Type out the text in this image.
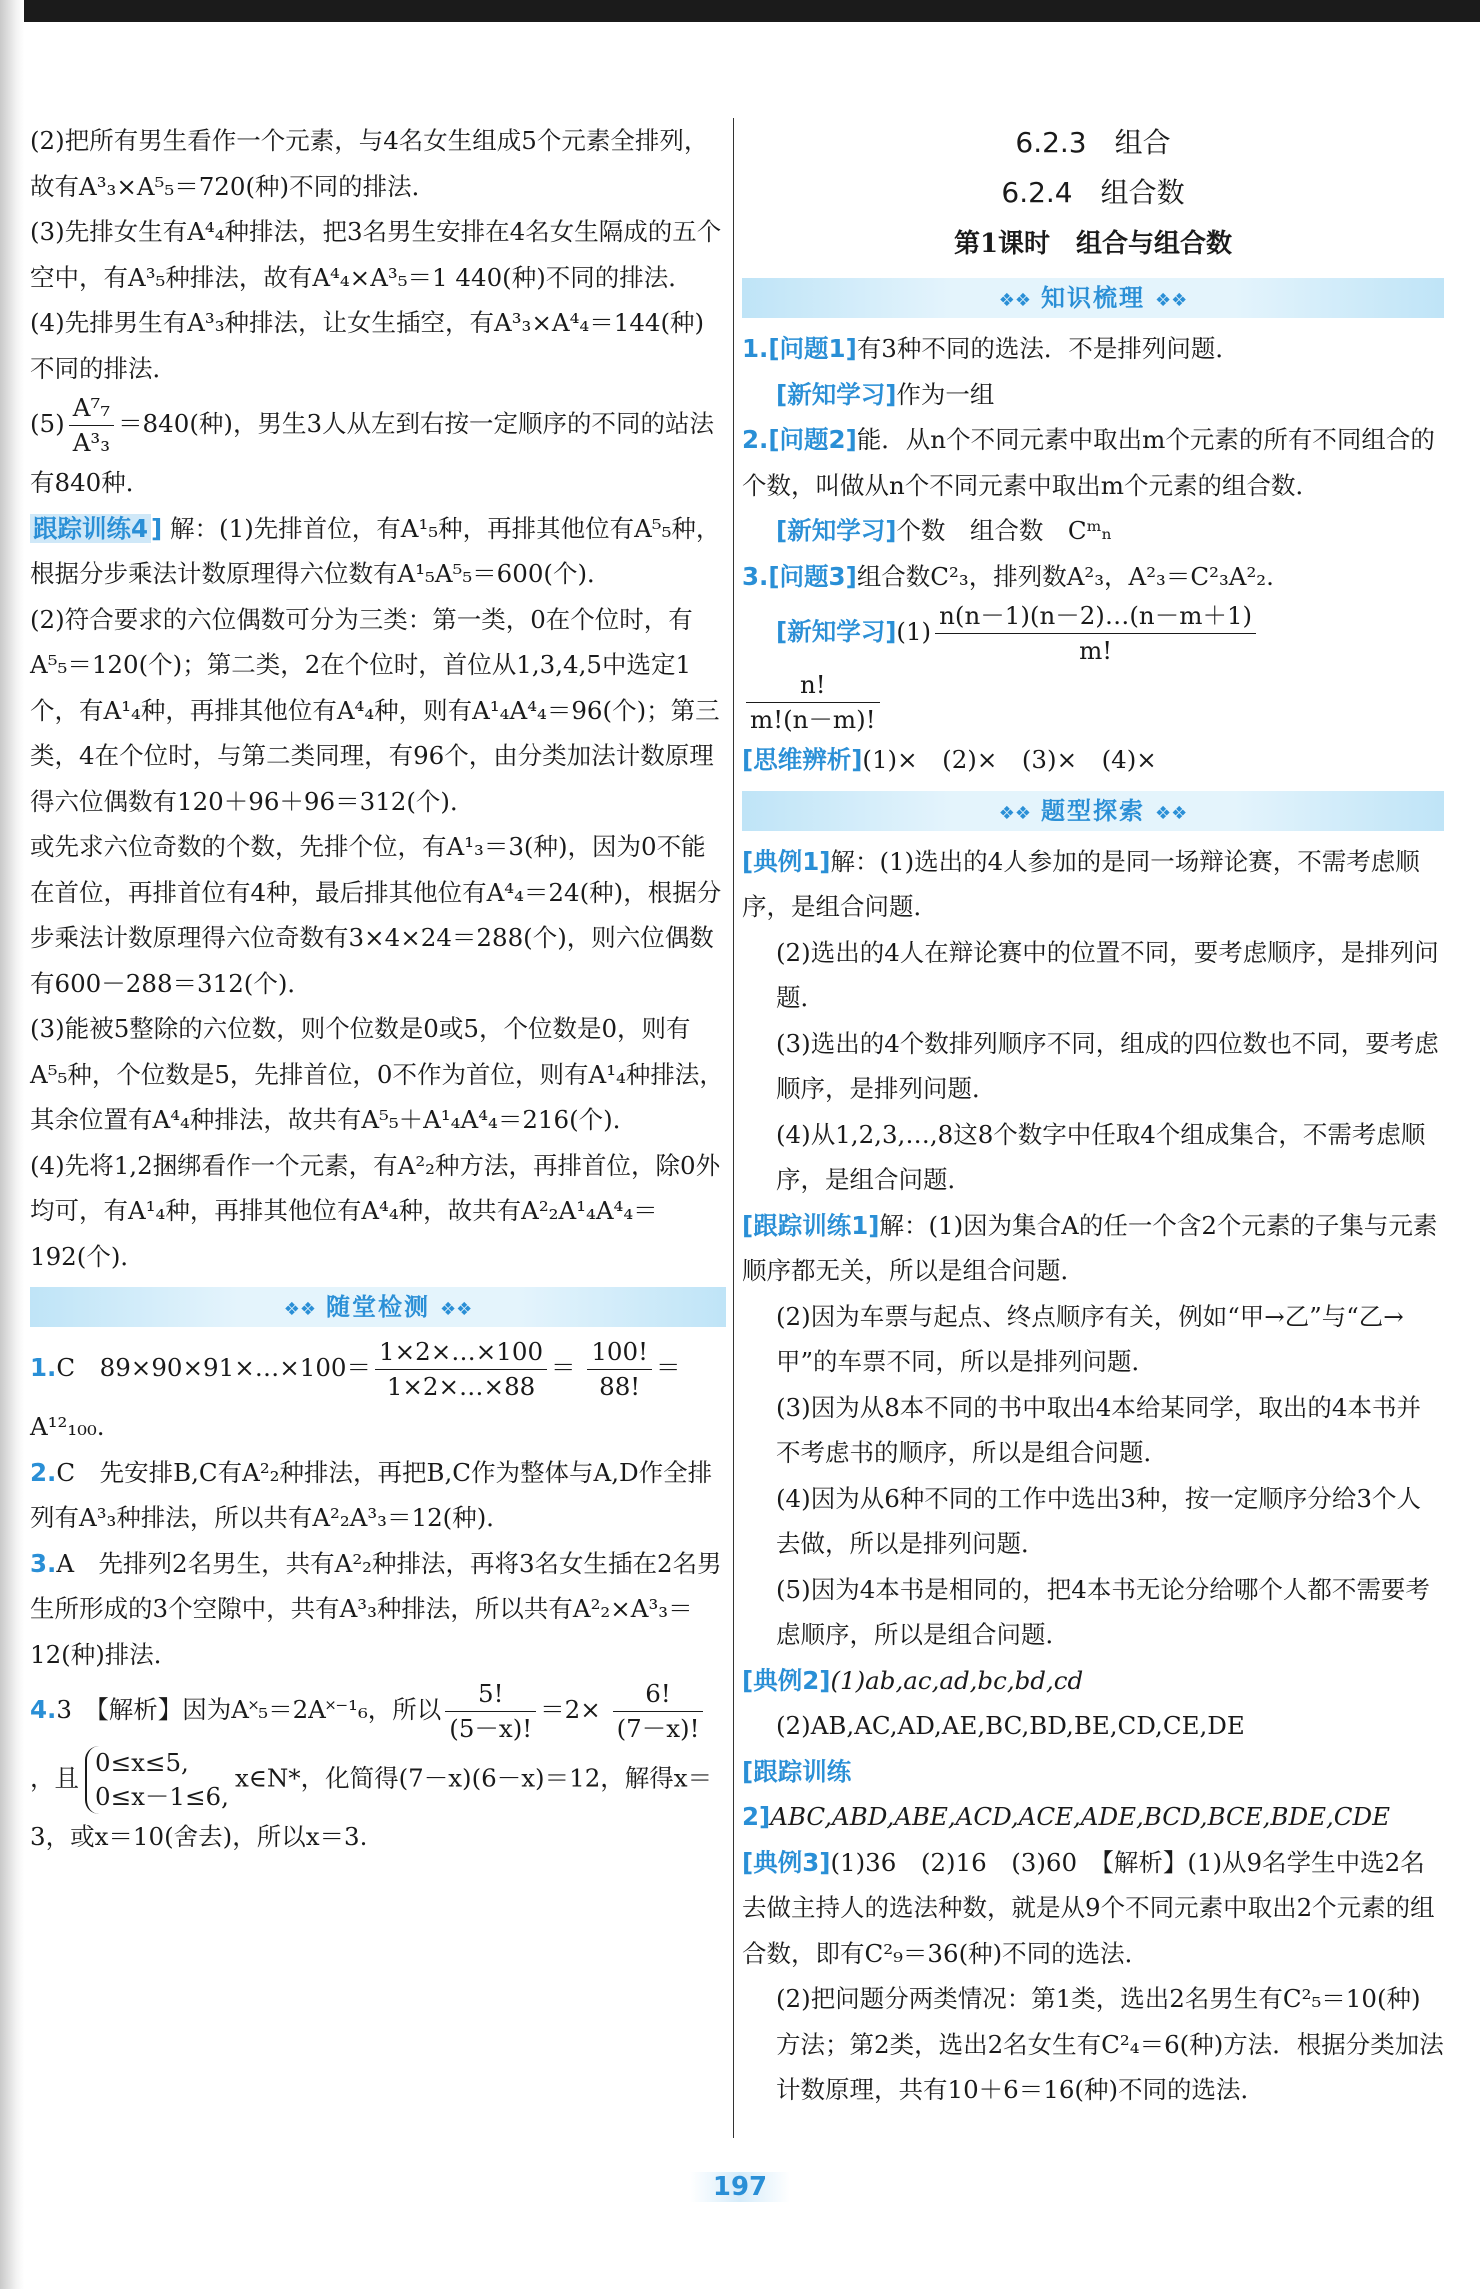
(2)把所有男生看作一个元素，与4名女生组成5个元素全排列，故有A³₃×A⁵₅＝720(种)不同的排法．

(3)先排女生有A⁴₄种排法，把3名男生安排在4名女生隔成的五个空中，有A³₅种排法，故有A⁴₄×A³₅＝1 440(种)不同的排法．

(4)先排男生有A³₃种排法，让女生插空，有A³₃×A⁴₄＝144(种)不同的排法．

$(5) \frac{\text{A⁷₇}}{\text{A³₃}} =840$(种)，男生3人从左到右按一定顺序的不同的站法有840种．

跟踪训练4 ] 解：(1)先排首位，有A¹₅种，再排其他位有A⁵₅种，根据分步乘法计数原理得六位数有A¹₅A⁵₅＝600(个)．

(2)符合要求的六位偶数可分为三类：第一类，0在个位时，有A⁵₅＝120(个)；第二类，2在个位时，首位从1,3,4,5中选定1个，有A¹₄种，再排其他位有A⁴₄种，则有A¹₄A⁴₄＝96(个)；第三类，4在个位时，与第二类同理，有96个，由分类加法计数原理得六位偶数有120＋96＋96＝312(个)．

或先求六位奇数的个数，先排个位，有A¹₃＝3(种)，因为0不能在首位，再排首位有4种，最后排其他位有A⁴₄＝24(种)，根据分步乘法计数原理得六位奇数有3×4×24＝288(个)，则六位偶数有600－288＝312(个)．

(3)能被5整除的六位数，则个位数是0或5，个位数是0，则有A⁵₅种，个位数是5，先排首位，0不作为首位，则有A¹₄种排法，其余位置有A⁴₄种排法，故共有A⁵₅＋A¹₄A⁴₄＝216(个)．

(4)先将1,2捆绑看作一个元素，有A²₂种方法，再排首位，除0外均可，有A¹₄种，再排其他位有A⁴₄种，故共有A²₂A¹₄A⁴₄＝192(个)．

❖❖ 随堂检测 ❖❖

1.C　 89×90×91×…×100＝ $\frac{1\times 2\times\dots\times 100}{1\times 2\times\dots\times 88} = \frac{100!}{88!} =A^{12}_{100}$.

2.C　先安排B,C有A²₂种排法，再把B,C作为整体与A,D作全排列有A³₃种排法，所以共有A²₂A³₃＝12(种)．

3.A　先排列2名男生，共有A²₂种排法，再将3名女生插在2名男生所形成的3个空隙中，共有A³₃种排法，所以共有A²₂×A³₃＝12(种)排法．

4.3　【解析】因为A˟₅＝2A˟⁻¹₆，所以 $\frac{5!}{(5-x)!} =2\times \frac{6!}{(7-x)!}$
，且
0≤x≤5,
0≤x－1≤6,
x∈N*，化简得(7－x)(6－x)＝12，解得x＝3，或x＝10(舍去)，所以x＝3.

6.2.3　组合

6.2.4　组合数

第1课时　组合与组合数

❖❖ 知识梳理 ❖❖

1.[问题1]有3种不同的选法．不是排列问题．

[新知学习]作为一组

2.[问题2]能．从n个不同元素中取出m个元素的所有不同组合的个数，叫做从n个不同元素中取出m个元素的组合数．

[新知学习]个数　组合数　Cᵐₙ

3.[问题3]组合数C²₃，排列数A²₃，A²₃＝C²₃A²₂.

[新知学习]$(1) \frac{n(n-1)(n-2)\dots(n-m+1)}{m!}$

$\frac{n!}{m!(n-m)!}$

[思维辨析](1)×　(2)×　(3)×　(4)×

❖❖ 题型探索 ❖❖

[典例1]解：(1)选出的4人参加的是同一场辩论赛，不需考虑顺序，是组合问题．

(2)选出的4人在辩论赛中的位置不同，要考虑顺序，是排列问题．

(3)选出的4个数排列顺序不同，组成的四位数也不同，要考虑顺序，是排列问题．

(4)从1,2,3,…,8这8个数字中任取4个组成集合，不需考虑顺序，是组合问题．

[跟踪训练1]解：(1)因为集合A的任一个含2个元素的子集与元素顺序都无关，所以是组合问题．

(2)因为车票与起点、终点顺序有关，例如“甲→乙”与“乙→甲”的车票不同，所以是排列问题．

(3)因为从8本不同的书中取出4本给某同学，取出的4本书并不考虑书的顺序，所以是组合问题．

(4)因为从6种不同的工作中选出3种，按一定顺序分给3个人去做，所以是排列问题．

(5)因为4本书是相同的，把4本书无论分给哪个人都不需要考虑顺序，所以是组合问题．

[典例2](1)ab,ac,ad,bc,bd,cd

(2)AB,AC,AD,AE,BC,BD,BE,CD,CE,DE

[跟踪训练2]ABC,ABD,ABE,ACD,ACE,ADE,BCD,BCE,BDE,CDE

[典例3](1)36　(2)16　(3)60　【解析】(1)从9名学生中选2名去做主持人的选法种数，就是从9个不同元素中取出2个元素的组合数，即有C²₉＝36(种)不同的选法．

(2)把问题分两类情况：第1类，选出2名男生有C²₅＝10(种)方法；第2类，选出2名女生有C²₄＝6(种)方法．根据分类加法计数原理，共有10＋6＝16(种)不同的选法．

197
